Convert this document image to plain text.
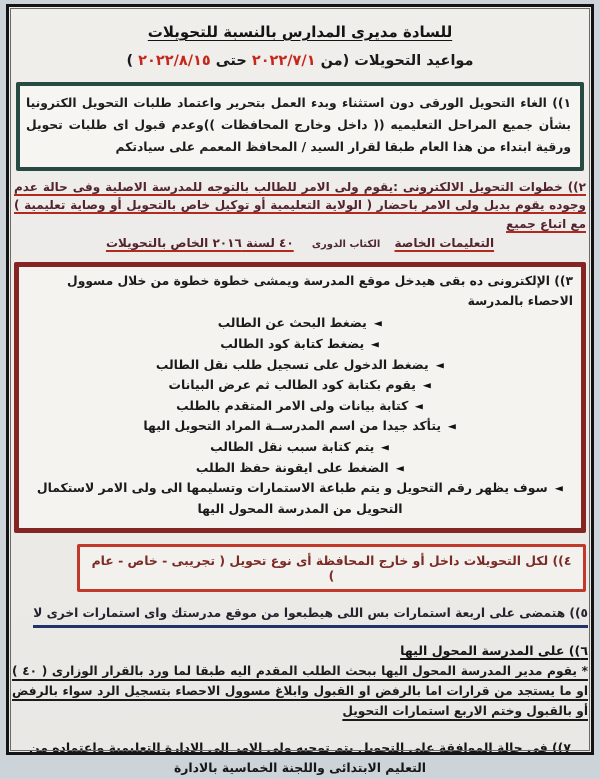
للسادة مديرى المدارس بالنسبة للتحويلات
مواعيد التحويلات (من ٢٠٢٢/٧/١ حتى ٢٠٢٢/٨/١٥ )
١)) الغاء التحويل الورقى دون استثناء وبدء العمل بتحرير واعتماد طلبات التحويل الكترونيا بشأن جميع المراحل التعليميه (( داخل وخارج المحافظات ))وعدم قبول اى طلبات تحويل ورقية ابتداء من هذا العام طبقا لقرار السيد / المحافظ المعمم على سيادتكم
٢)) خطوات التحويل الالكترونى :يقوم ولى الامر للطالب بالتوجه للمدرسة الاصلية وفى حالة عدم وجوده يقوم بديل ولى الامر باحضار ( الولاية التعليمية أو توكيل خاص بالتحويل أو وصاية تعليمية ) مع اتباع جميع
التعليمات الخاصة الكتاب الدورى ٤٠ لسنة ٢٠١٦ الخاص بالتحويلات
٣)) الإلكترونى ده بقى هيدخل موقع المدرسة ويمشى خطوة خطوة من خلال مسوول الاحصاء بالمدرسة
◄يضغط البحث عن الطالب
◄يضغط كتابة كود الطالب
◄يضغط الدخول على تسجيل طلب نقل الطالب
◄يقوم بكتابة كود الطالب ثم عرض البيانات
◄كتابة بيانات ولى الامر المتقدم بالطلب
◄يتأكد جيدا من اسم المدرســة المراد التحويل اليها
◄يتم كتابة سبب نقل الطالب
◄الضغط على ايقونة حفظ الطلب
◄سوف يظهر رقم التحويل و يتم طباعة الاستمارات وتسليمها الى ولى الامر لاستكمال التحويل من المدرسة المحول اليها
٤)) لكل التحويلات داخل أو خارج المحافظة أى نوع تحويل ( تجريبى - خاص - عام )
٥)) هتمضى على اربعة استمارات بس اللى هيطبعوا من موقع مدرستك واى استمارات اخرى لا
٦)) على المدرسة المحول اليها
* يقوم مدير المدرسة المحول اليها ببحث الطلب المقدم اليه طبقا لما ورد بالقرار الوزارى ( ٤٠ ) او ما يستجد من قرارات اما بالرفض او القبول وابلاغ مسوول الاحصاء بتسجيل الرد سواء بالرفض أو بالقبول وختم الاربع استمارات التحويل
٧)) فى حالة الموافقة على التحويل يتم توجيه ولى الامر إلى الادارة التعليمية واعتماده من التعليم الابتدائى واللجنة الخماسية بالادارة
